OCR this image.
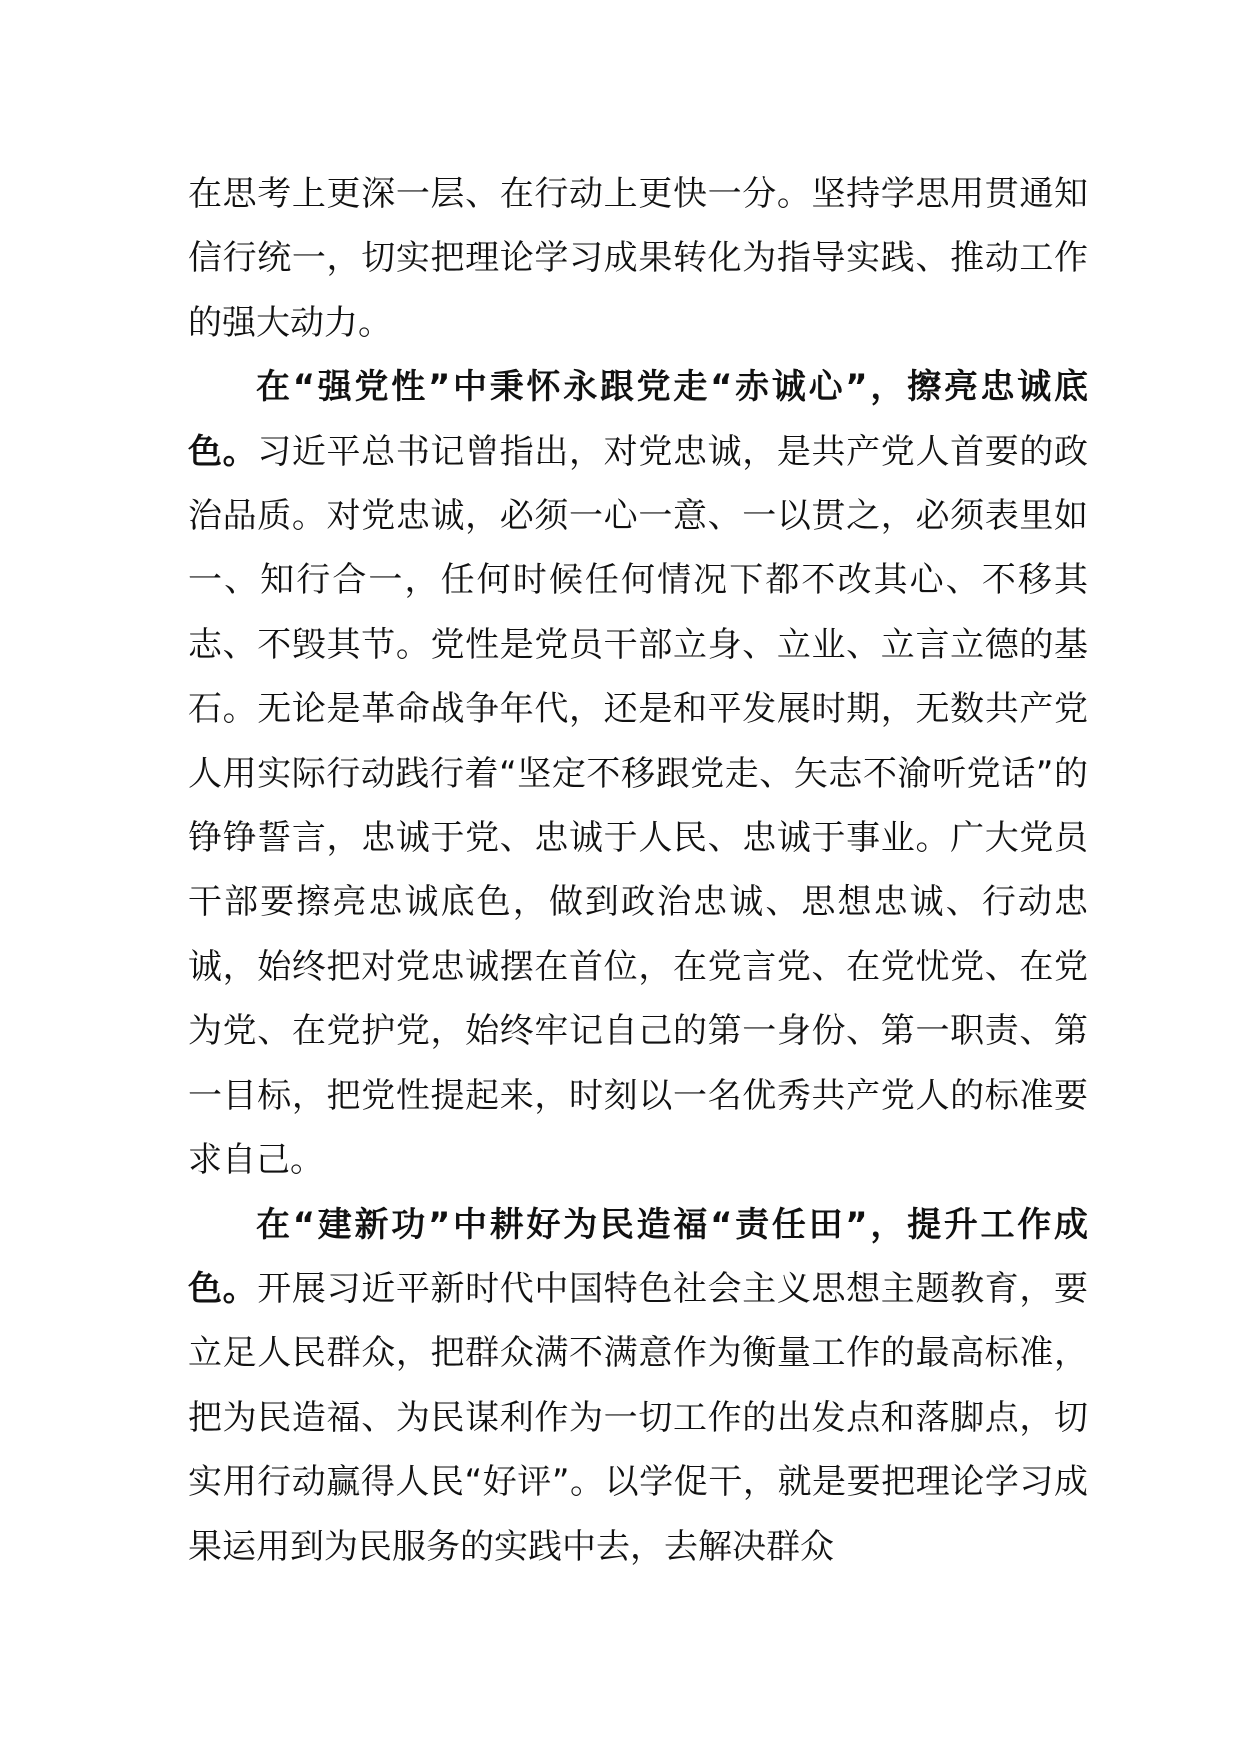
在思考上更深一层、在行动上更快一分。坚持学思用贯通知信行统一，切实把理论学习成果转化为指导实践、推动工作的强大动力。

在“强党性”中秉怀永跟党走“赤诚心”，擦亮忠诚底色。习近平总书记曾指出，对党忠诚，是共产党人首要的政治品质。对党忠诚，必须一心一意、一以贯之，必须表里如一、知行合一，任何时候任何情况下都不改其心、不移其志、不毁其节。党性是党员干部立身、立业、立言立德的基石。无论是革命战争年代，还是和平发展时期，无数共产党人用实际行动践行着“坚定不移跟党走、矢志不渝听党话”的铮铮誓言，忠诚于党、忠诚于人民、忠诚于事业。广大党员干部要擦亮忠诚底色，做到政治忠诚、思想忠诚、行动忠诚，始终把对党忠诚摆在首位，在党言党、在党忧党、在党为党、在党护党，始终牢记自己的第一身份、第一职责、第一目标，把党性提起来，时刻以一名优秀共产党人的标准要求自己。

在“建新功”中耕好为民造福“责任田”，提升工作成色。开展习近平新时代中国特色社会主义思想主题教育，要立足人民群众，把群众满不满意作为衡量工作的最高标准，把为民造福、为民谋利作为一切工作的出发点和落脚点，切实用行动赢得人民“好评”。以学促干，就是要把理论学习成果运用到为民服务的实践中去，去解决群众
